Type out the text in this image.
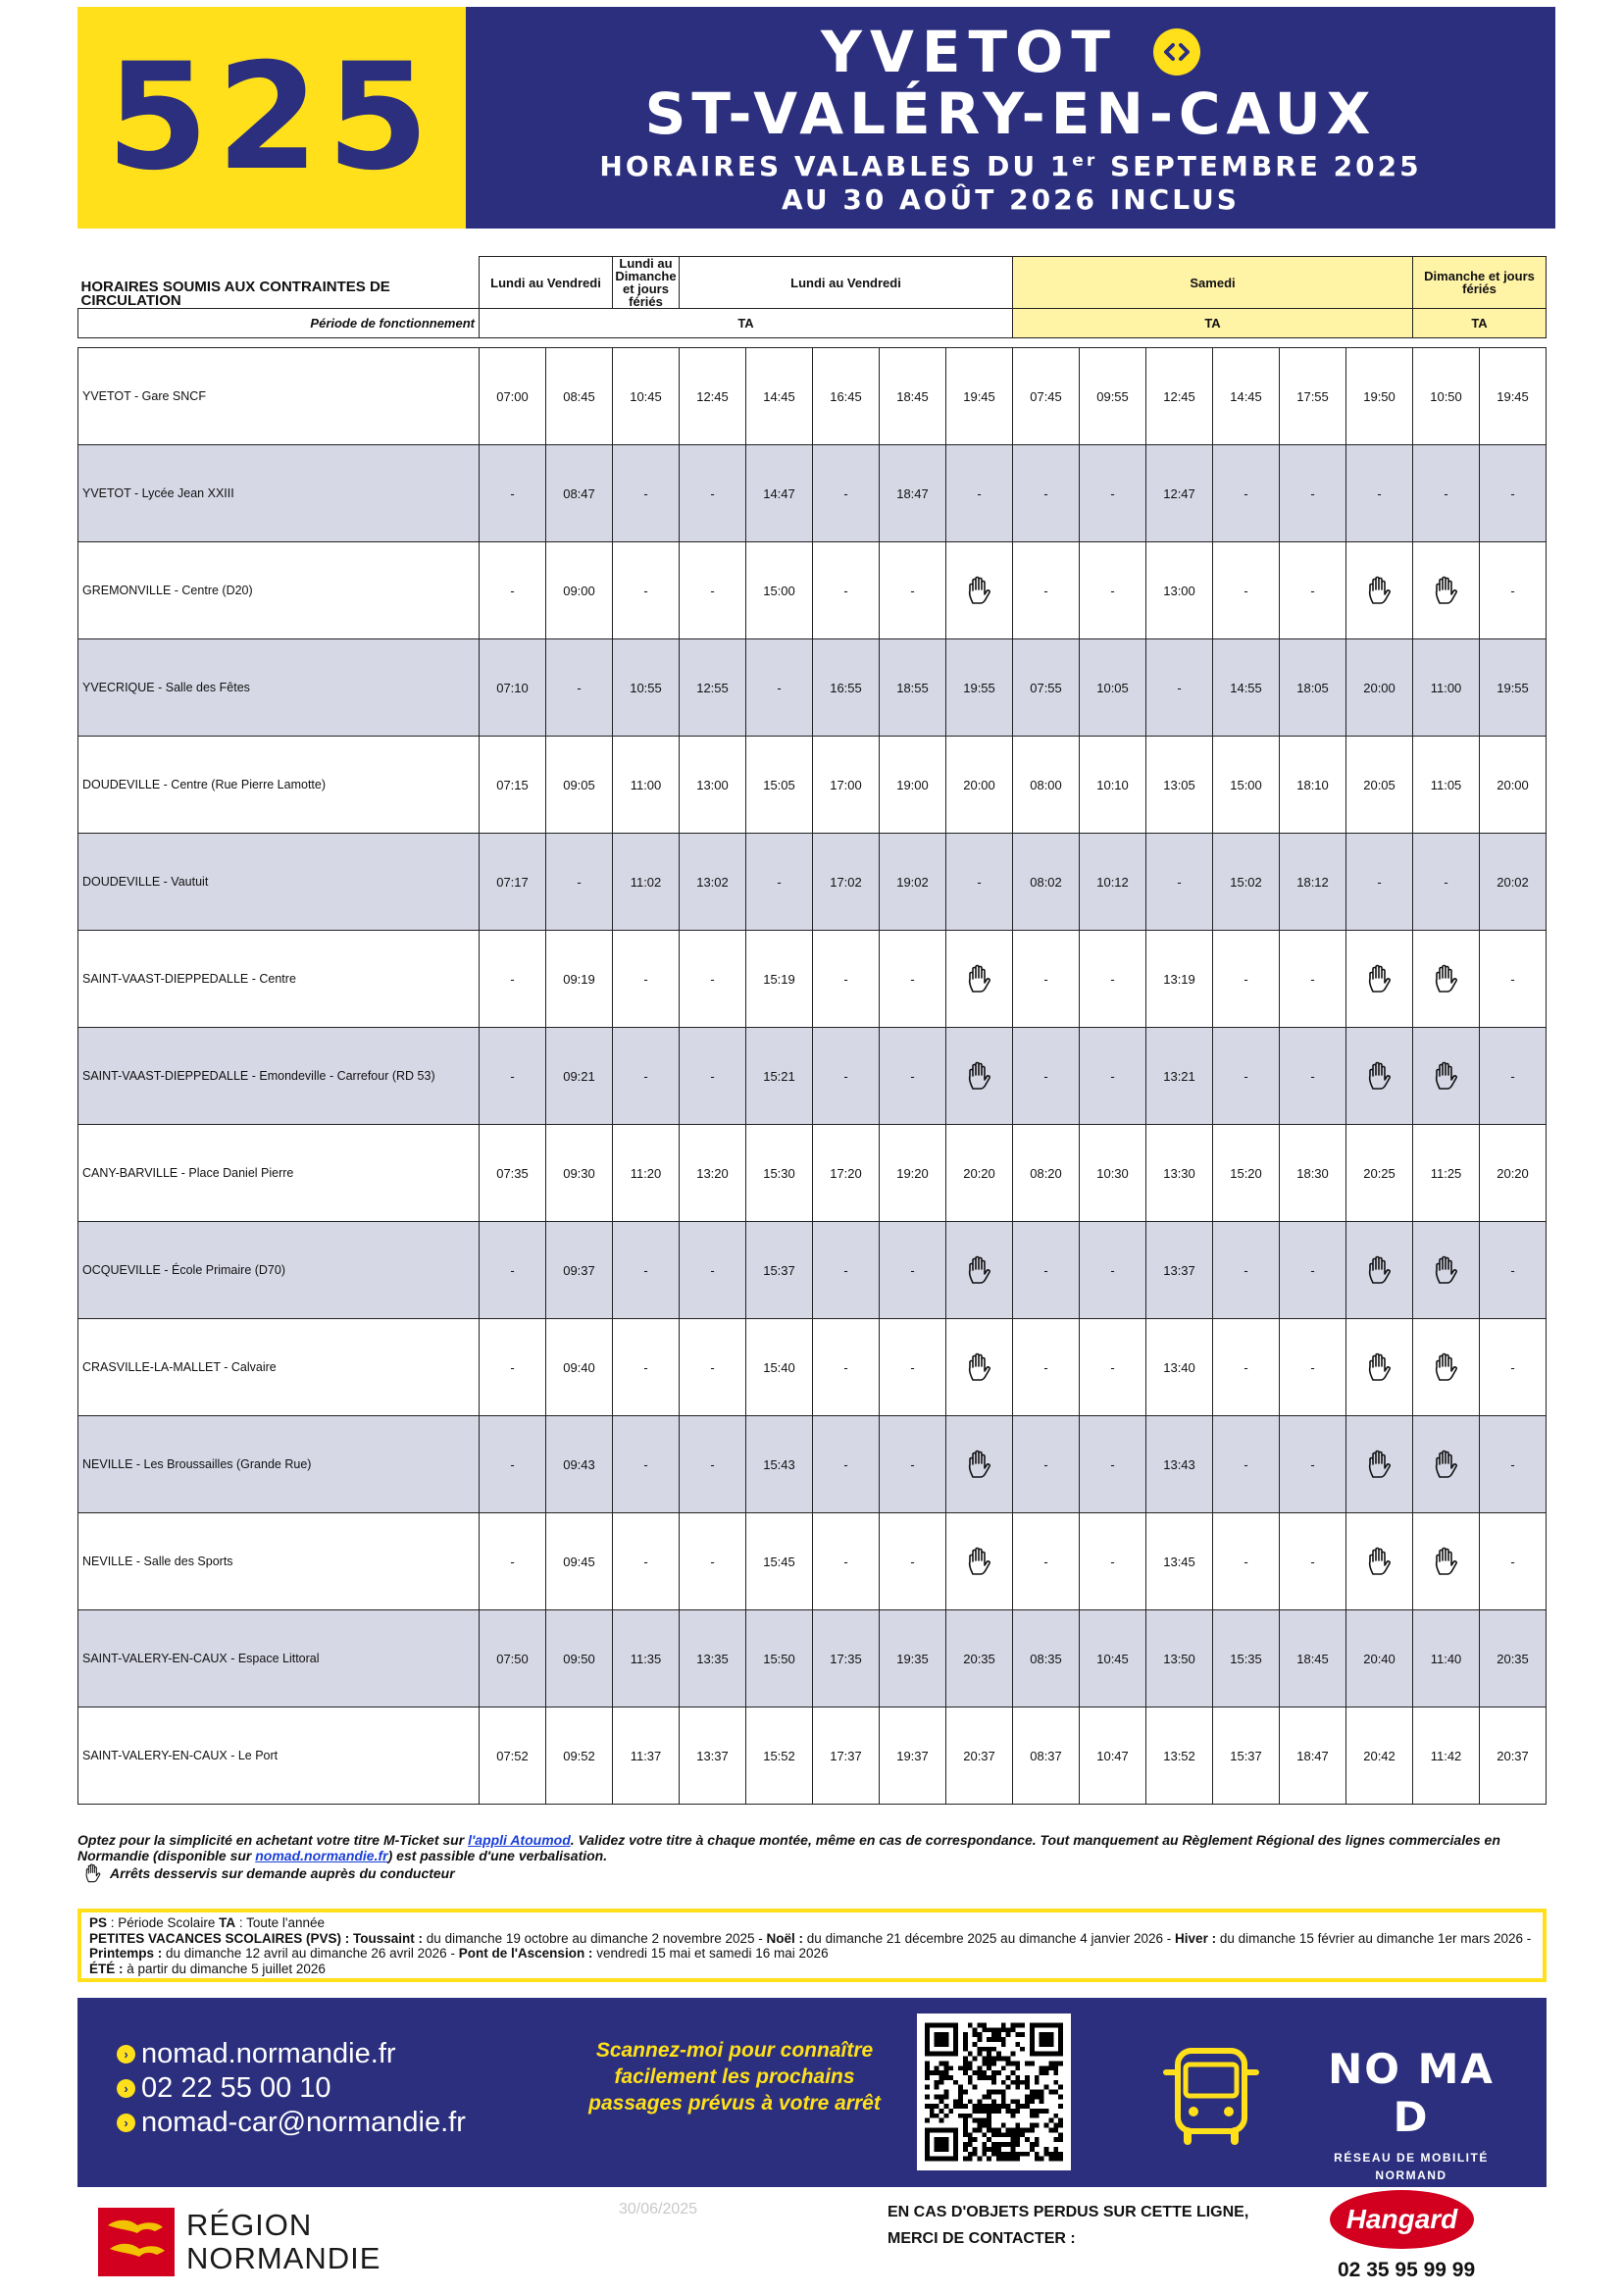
525	YVETOT
ST-VALÉRY-EN-CAUX
HORAIRES VALABLES DU 1er SEPTEMBRE 2025
AU 30 AOÛT 2026 INCLUS
HORAIRES SOUMIS AUX CONTRAINTES DE CIRCULATION	Lundi au Vendredi		Lundi au Dimanche et jours fériés	Lundi au Vendredi					Samedi						Dimanche et jours fériés	
Période de fonctionnement	TA								TA						TA	

YVETOT - Gare SNCF	07:00	08:45	10:45	12:45	14:45	16:45	18:45	19:45	07:45	09:55	12:45	14:45	17:55	19:50	10:50	19:45
YVETOT - Lycée Jean XXIII	-	08:47	-	-	14:47	-	18:47	-	-	-	12:47	-	-	-	-	-
GREMONVILLE - Centre (D20)	-	09:00	-	-	15:00	-	-		-	-	13:00	-	-			-
YVECRIQUE - Salle des Fêtes	07:10	-	10:55	12:55	-	16:55	18:55	19:55	07:55	10:05	-	14:55	18:05	20:00	11:00	19:55
DOUDEVILLE - Centre (Rue Pierre Lamotte)	07:15	09:05	11:00	13:00	15:05	17:00	19:00	20:00	08:00	10:10	13:05	15:00	18:10	20:05	11:05	20:00
DOUDEVILLE - Vautuit	07:17	-	11:02	13:02	-	17:02	19:02	-	08:02	10:12	-	15:02	18:12	-	-	20:02
SAINT-VAAST-DIEPPEDALLE - Centre	-	09:19	-	-	15:19	-	-		-	-	13:19	-	-			-
SAINT-VAAST-DIEPPEDALLE - Emondeville - Carrefour (RD 53)	-	09:21	-	-	15:21	-	-		-	-	13:21	-	-			-
CANY-BARVILLE - Place Daniel Pierre	07:35	09:30	11:20	13:20	15:30	17:20	19:20	20:20	08:20	10:30	13:30	15:20	18:30	20:25	11:25	20:20
OCQUEVILLE - École Primaire (D70)	-	09:37	-	-	15:37	-	-		-	-	13:37	-	-			-
CRASVILLE-LA-MALLET - Calvaire	-	09:40	-	-	15:40	-	-		-	-	13:40	-	-			-
NEVILLE - Les Broussailles (Grande Rue)	-	09:43	-	-	15:43	-	-		-	-	13:43	-	-			-
NEVILLE - Salle des Sports	-	09:45	-	-	15:45	-	-		-	-	13:45	-	-			-
SAINT-VALERY-EN-CAUX - Espace Littoral	07:50	09:50	11:35	13:35	15:50	17:35	19:35	20:35	08:35	10:45	13:50	15:35	18:45	20:40	11:40	20:35
SAINT-VALERY-EN-CAUX - Le Port	07:52	09:52	11:37	13:37	15:52	17:37	19:37	20:37	08:37	10:47	13:52	15:37	18:47	20:42	11:42	20:37
Optez pour la simplicité en achetant votre titre M-Ticket sur l'appli Atoumod. Validez votre titre à chaque montée, même en cas de correspondance. Tout manquement au Règlement Régional des lignes commerciales en Normandie (disponible sur nomad.normandie.fr) est passible d'une verbalisation.
Arrêts desservis sur demande auprès du conducteur
PS : Période Scolaire TA : Toute l'année
PETITES VACANCES SCOLAIRES (PVS) : Toussaint : du dimanche 19 octobre au dimanche 2 novembre 2025 - Noël : du dimanche 21 décembre 2025 au dimanche 4 janvier 2026 - Hiver : du dimanche 15 février au dimanche 1er mars 2026 - Printemps : du dimanche 12 avril au dimanche 26 avril 2026 - Pont de l'Ascension : vendredi 15 mai et samedi 16 mai 2026
ÉTÉ : à partir du dimanche 5 juillet 2026
› nomad.normandie.fr
› 02 22 55 00 10
› nomad-car@normandie.fr
Scannez-moi pour connaître facilement les prochains passages prévus à votre arrêt
NO MA D
RÉSEAU DE MOBILITÉ
NORMAND
RÉGION
NORMANDIE
30/06/2025	EN CAS D'OBJETS PERDUS SUR CETTE LIGNE,
MERCI DE CONTACTER :
Hangard
02 35 95 99 99
